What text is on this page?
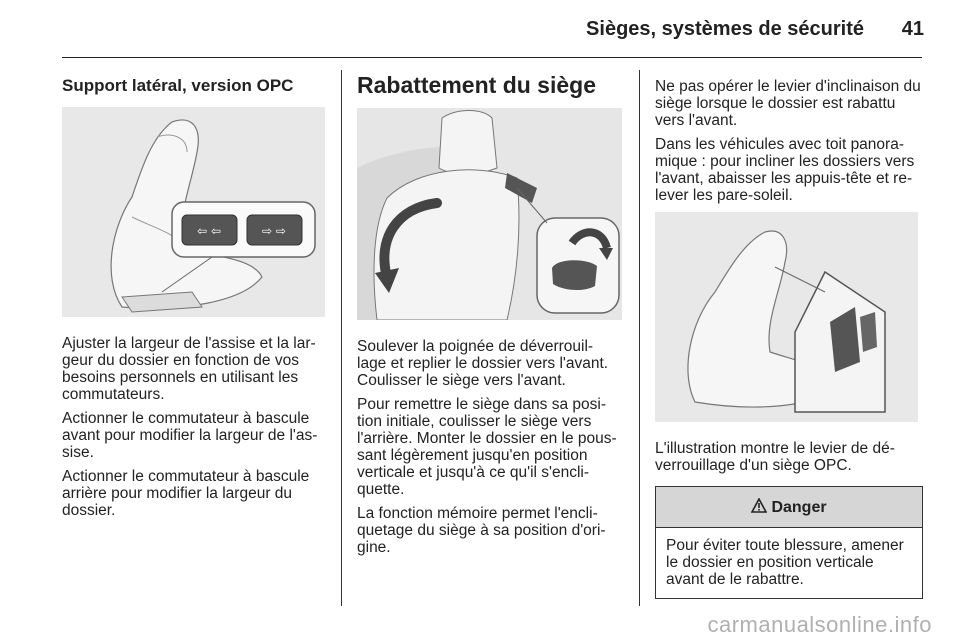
Sièges, systèmes de sécurité 41
Support latéral, version OPC
⇦ ⇦	⇨ ⇨

Ajuster la largeur de l'assise et la lar-geur du dossier en fonction de vos besoins personnels en utilisant les commutateurs.

Actionner le commutateur à bascule avant pour modifier la largeur de l'as-sise.

Actionner le commutateur à bascule arrière pour modifier la largeur du dossier.

Rabattement du siège

Soulever la poignée de déverrouil-lage et replier le dossier vers l'avant. Coulisser le siège vers l'avant.

Pour remettre le siège dans sa posi-tion initiale, coulisser le siège vers l'arrière. Monter le dossier en le pous-sant légèrement jusqu'en position verticale et jusqu'à ce qu'il s'encli-quette.

La fonction mémoire permet l'encli-quetage du siège à sa position d'ori-gine.

Ne pas opérer le levier d'inclinaison du siège lorsque le dossier est rabattu vers l'avant.

Dans les véhicules avec toit panora-mique : pour incliner les dossiers vers l'avant, abaisser les appuis-tête et re-lever les pare-soleil.

L'illustration montre le levier de dé-verrouillage d'un siège OPC.

Danger
Pour éviter toute blessure, amener le dossier en position verticale avant de le rabattre.
carmanualsonline.info
